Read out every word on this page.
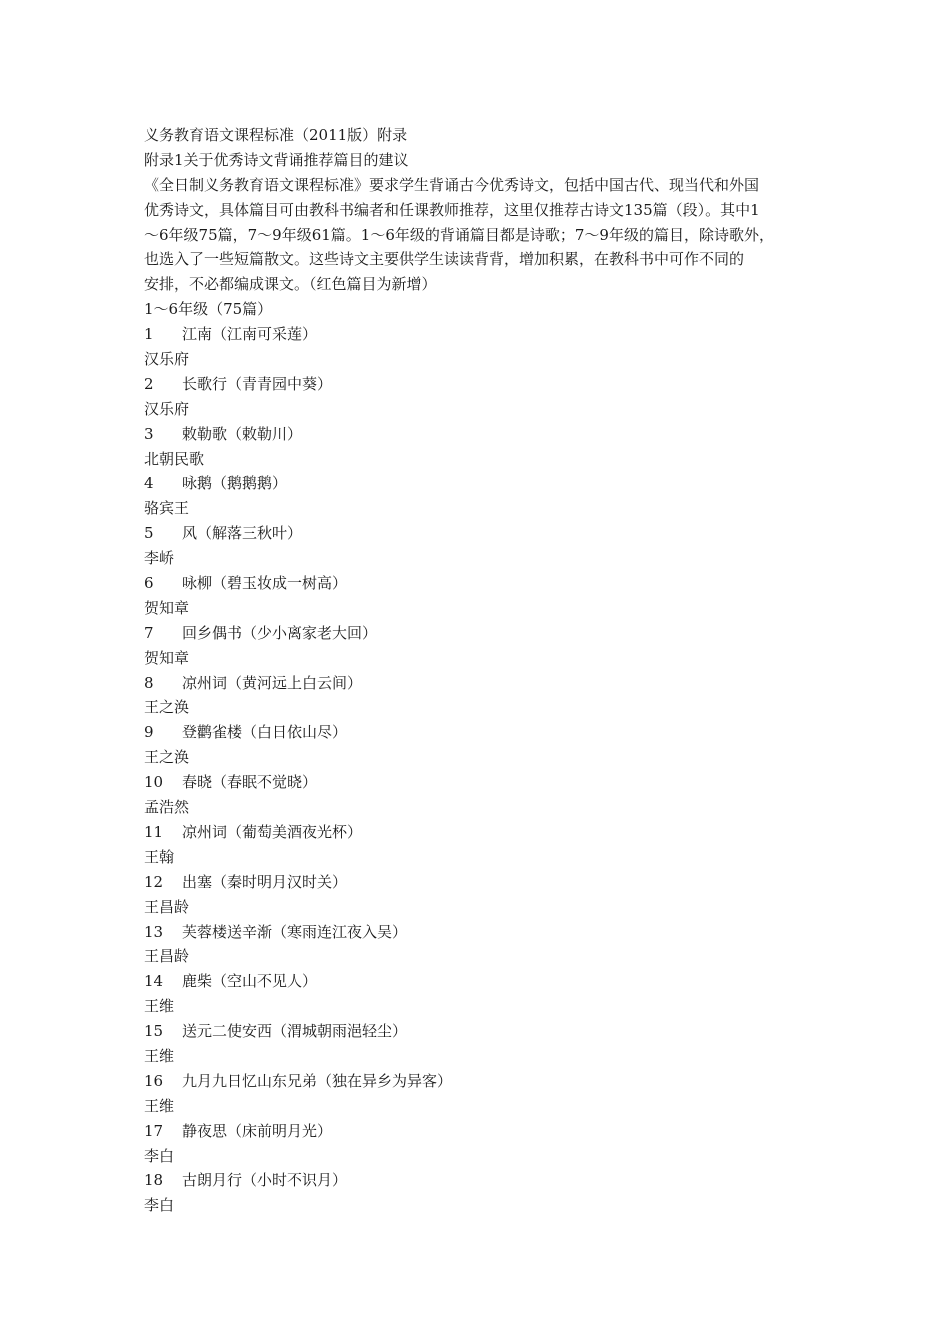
义务教育语文课程标准（2011版）附录
附录1关于优秀诗文背诵推荐篇目的建议
《全日制义务教育语文课程标准》要求学生背诵古今优秀诗文，包括中国古代、现当代和外国
优秀诗文，具体篇目可由教科书编者和任课教师推荐，这里仅推荐古诗文135篇（段）。其中1
～6年级75篇，7～9年级61篇。1～6年级的背诵篇目都是诗歌；7～9年级的篇目，除诗歌外，
也选入了一些短篇散文。这些诗文主要供学生读读背背，增加积累，在教科书中可作不同的
安排，不必都编成课文。（红色篇目为新增）
1～6年级（75篇）
1 江南（江南可采莲）
汉乐府
2 长歌行（青青园中葵）
汉乐府
3 敕勒歌（敕勒川）
北朝民歌
4 咏鹅（鹅鹅鹅）
骆宾王
5 风（解落三秋叶）
李峤
6 咏柳（碧玉妆成一树高）
贺知章
7 回乡偶书（少小离家老大回）
贺知章
8 凉州词（黄河远上白云间）
王之涣
9 登鹳雀楼（白日依山尽）
王之涣
10 春晓（春眠不觉晓）
孟浩然
11 凉州词（葡萄美酒夜光杯）
王翰
12 出塞（秦时明月汉时关）
王昌龄
13 芙蓉楼送辛渐（寒雨连江夜入吴）
王昌龄
14 鹿柴（空山不见人）
王维
15 送元二使安西（渭城朝雨浥轻尘）
王维
16 九月九日忆山东兄弟（独在异乡为异客）
王维
17 静夜思（床前明月光）
李白
18 古朗月行（小时不识月）
李白
